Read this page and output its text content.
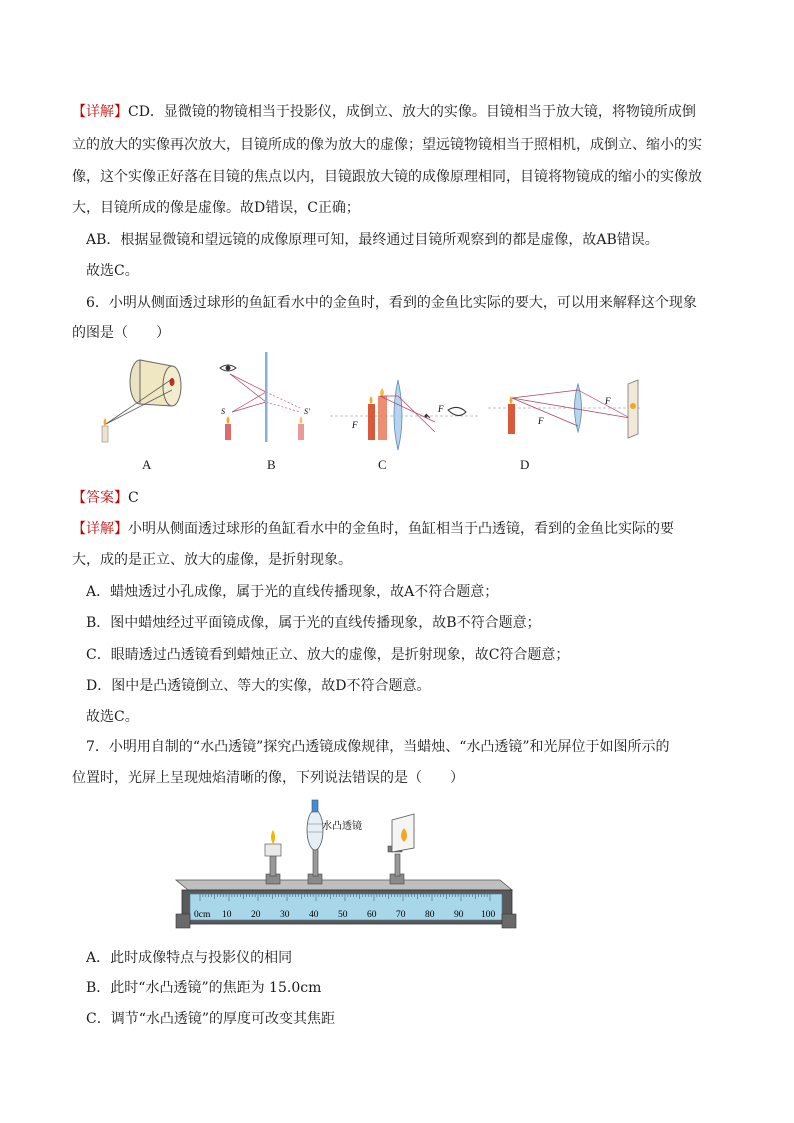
【详解】CD．显微镜的物镜相当于投影仪，成倒立、放大的实像。目镜相当于放大镜，将物镜所成倒
立的放大的实像再次放大，目镜所成的像为放大的虚像；望远镜物镜相当于照相机，成倒立、缩小的实
像，这个实像正好落在目镜的焦点以内，目镜跟放大镜的成像原理相同，目镜将物镜成的缩小的实像放
大，目镜所成的像是虚像。故D错误，C正确；
AB．根据显微镜和望远镜的成像原理可知，最终通过目镜所观察到的都是虚像，故AB错误。
故选C。
6．小明从侧面透过球形的鱼缸看水中的金鱼时，看到的金鱼比实际的要大，可以用来解释这个现象
的图是（　　）
S	S'
F
F
F
F
A	B	C	D
【答案】C
【详解】小明从侧面透过球形的鱼缸看水中的金鱼时，鱼缸相当于凸透镜，看到的金鱼比实际的要
大，成的是正立、放大的虚像，是折射现象。
A．蜡烛透过小孔成像，属于光的直线传播现象，故A不符合题意；
B．图中蜡烛经过平面镜成像，属于光的直线传播现象，故B不符合题意；
C．眼睛透过凸透镜看到蜡烛正立、放大的虚像，是折射现象，故C符合题意；
D．图中是凸透镜倒立、等大的实像，故D不符合题意。
故选C。
7．小明用自制的“水凸透镜”探究凸透镜成像规律，当蜡烛、“水凸透镜”和光屏位于如图所示的
位置时，光屏上呈现烛焰清晰的像，下列说法错误的是（　　）
0cm 10 20 30 40 50 60 70 80 90 100
水凸透镜
A．此时成像特点与投影仪的相同
B．此时“水凸透镜”的焦距为 15.0cm
C．调节“水凸透镜”的厚度可改变其焦距
